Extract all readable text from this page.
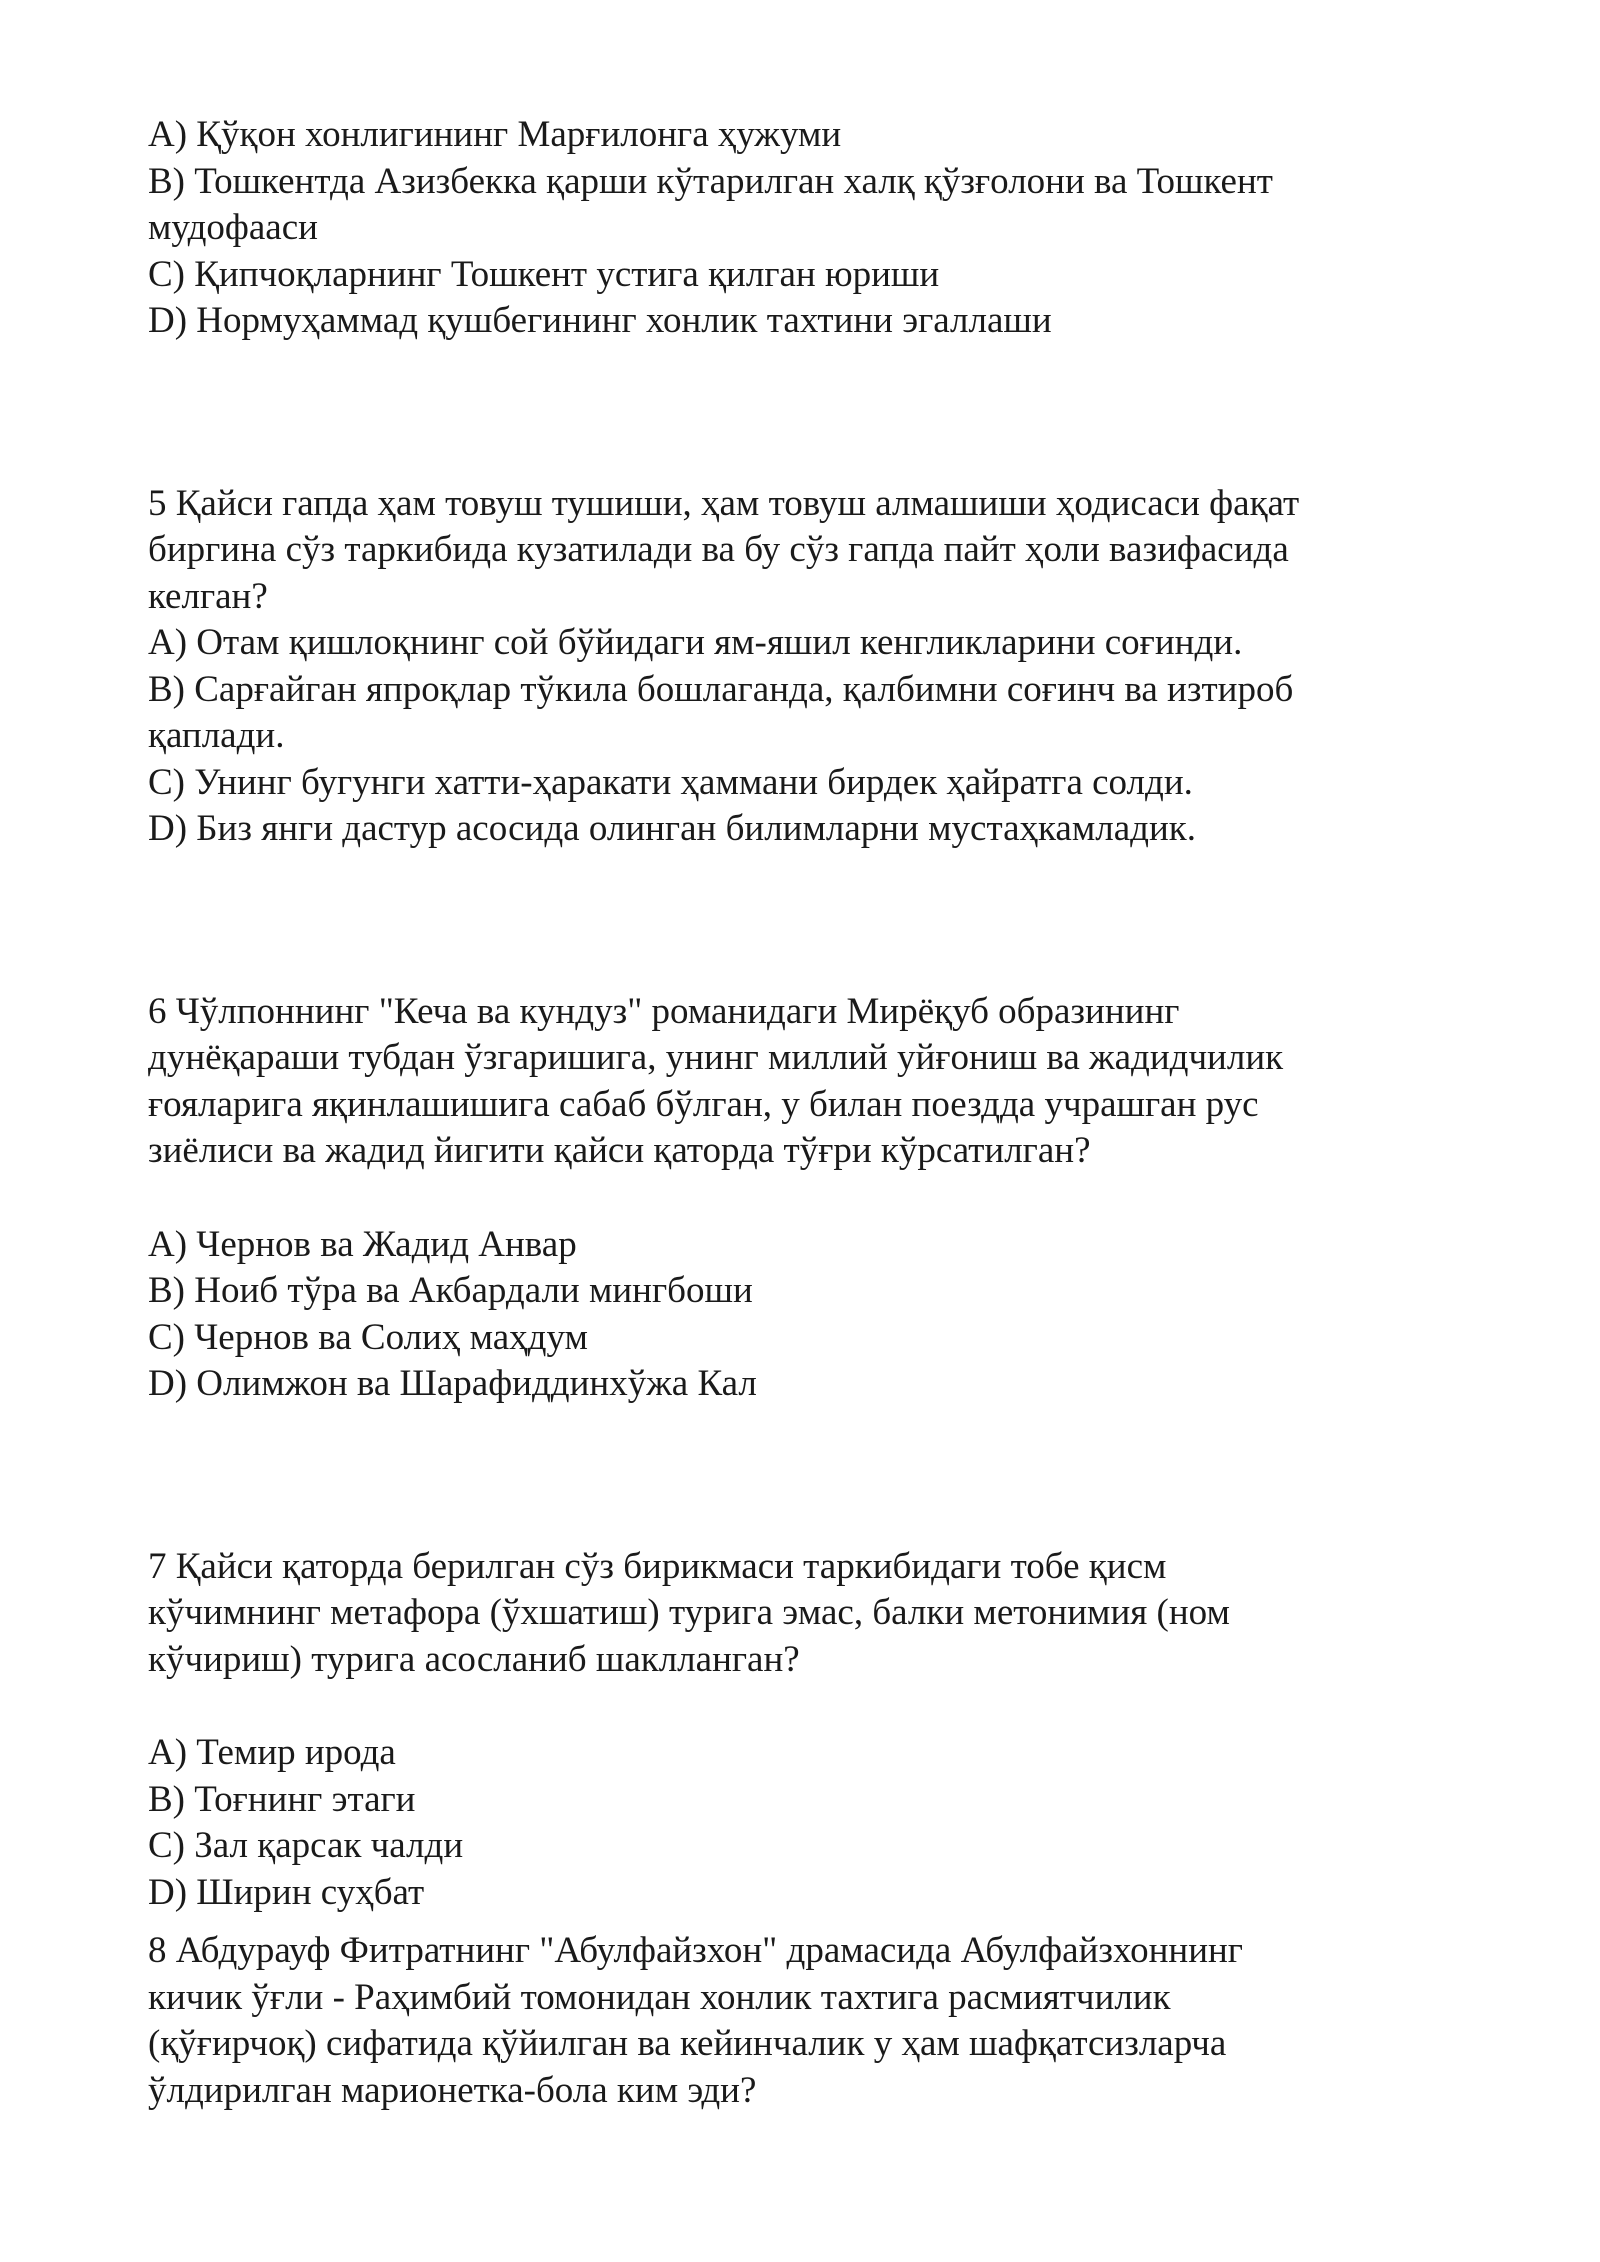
A) Қўқон хонлигининг Марғилонга ҳужуми
B) Тошкентда Азизбекка қарши кўтарилган халқ қўзғолони ва Тошкент
мудофааси
C) Қипчоқларнинг Тошкент устига қилган юриши
D) Нормуҳаммад қушбегининг хонлик тахтини эгаллаши
5 Қайси гапда ҳам товуш тушиши, ҳам товуш алмашиши ҳодисаси фақат
биргина сўз таркибида кузатилади ва бу сўз гапда пайт ҳоли вазифасида
келган?
A) Отам қишлоқнинг сой бўйидаги ям-яшил кенгликларини соғинди.
B) Сарғайган япроқлар тўкила бошлаганда, қалбимни соғинч ва изтироб
қаплади.
C) Унинг бугунги хатти-ҳаракати ҳаммани бирдек ҳайратга солди.
D) Биз янги дастур асосида олинган билимларни мустаҳкамладик.
6 Чўлпоннинг "Кеча ва кундуз" романидаги Мирёқуб образининг
дунёқараши тубдан ўзгаришига, унинг миллий уйғониш ва жадидчилик
ғояларига яқинлашишига сабаб бўлган, у билан поездда учрашган рус
зиёлиси ва жадид йигити қайси қаторда тўғри кўрсатилган?
A) Чернов ва Жадид Анвар
B) Ноиб тўра ва Акбардали мингбоши
C) Чернов ва Солиҳ маҳдум
D) Олимжон ва Шарафиддинхўжа Кал
7 Қайси қаторда берилган сўз бирикмаси таркибидаги тобе қисм
кўчимнинг метафора (ўхшатиш) турига эмас, балки метонимия (ном
кўчириш) турига асосланиб шаклланган?
A) Темир ирода
B) Тоғнинг этаги
C) Зал қарсак чалди
D) Ширин суҳбат
8 Абдурауф Фитратнинг "Абулфайзхон" драмасида Абулфайзхоннинг
кичик ўғли - Раҳимбий томонидан хонлик тахтига расмиятчилик
(қўғирчоқ) сифатида қўйилган ва кейинчалик у ҳам шафқатсизларча
ўлдирилган марионетка-бола ким эди?
